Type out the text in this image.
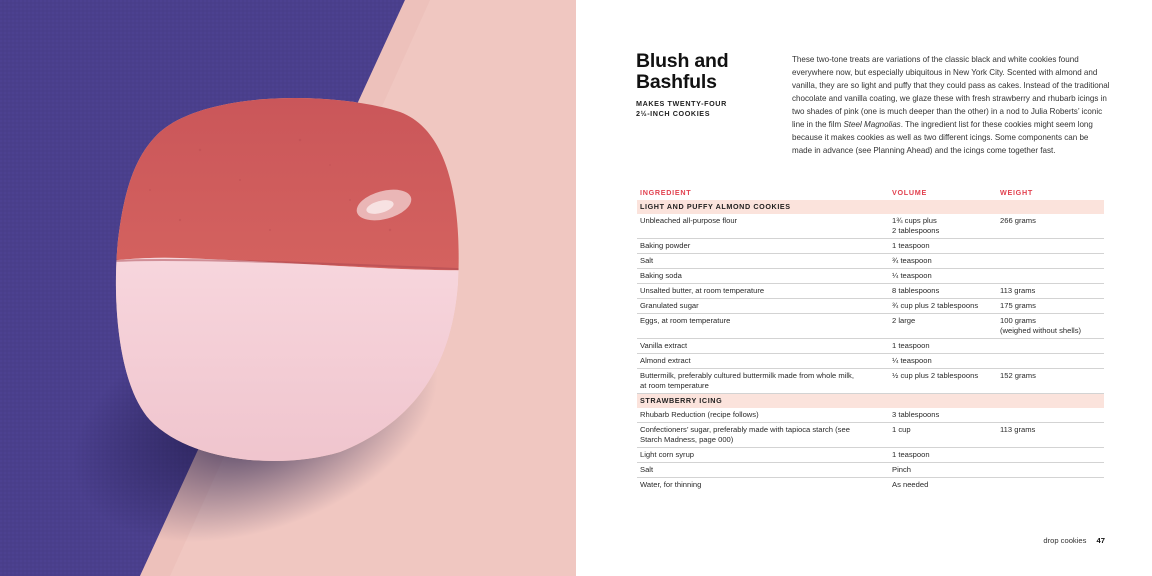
Blush and
Bashfuls
MAKES TWENTY-FOUR
2½-INCH COOKIES

These two-tone treats are variations of the classic black and white cookies found everywhere now, but especially ubiquitous in New York City. Scented with almond and vanilla, they are so light and puffy that they could pass as cakes. Instead of the traditional chocolate and vanilla coating, we glaze these with fresh strawberry and rhubarb icings in two shades of pink (one is much deeper than the other) in a nod to Julia Roberts’ iconic line in the film Steel Magnolias. The ingredient list for these cookies might seem long because it makes cookies as well as two different icings. Some components can be made in advance (see Planning Ahead) and the icings come together fast.

INGREDIENT	VOLUME	WEIGHT
LIGHT AND PUFFY ALMOND COOKIES		
Unbleached all-purpose flour	1¾ cups plus
2 tablespoons	266 grams
Baking powder	1 teaspoon	
Salt	¾ teaspoon	
Baking soda	¼ teaspoon	
Unsalted butter, at room temperature	8 tablespoons	113 grams
Granulated sugar	¾ cup plus 2 tablespoons	175 grams
Eggs, at room temperature	2 large	100 grams
(weighed without shells)
Vanilla extract	1 teaspoon	
Almond extract	¼ teaspoon	
Buttermilk, preferably cultured buttermilk made from whole milk,
at room temperature	½ cup plus 2 tablespoons	152 grams
STRAWBERRY ICING		
Rhubarb Reduction (recipe follows)	3 tablespoons	
Confectioners’ sugar, preferably made with tapioca starch (see
Starch Madness, page 000)	1 cup	113 grams
Light corn syrup	1 teaspoon	
Salt	Pinch	
Water, for thinning	As needed	
drop cookies 47
